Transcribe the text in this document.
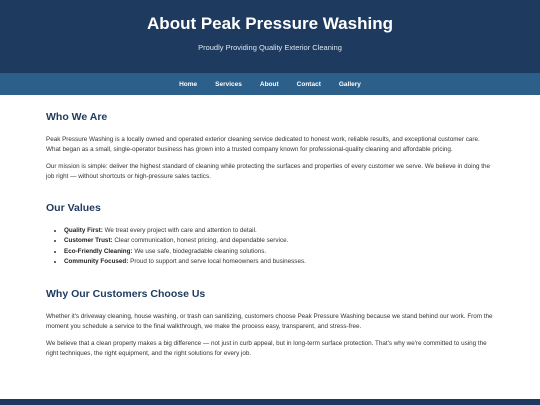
About Peak Pressure Washing

Proudly Providing Quality Exterior Cleaning

Home	Services	About	Contact	Gallery
Who We Are

Peak Pressure Washing is a locally owned and operated exterior cleaning service dedicated to honest work, reliable results, and exceptional customer care. What began as a small, single-operator business has grown into a trusted company known for professional-quality cleaning and affordable pricing.

Our mission is simple: deliver the highest standard of cleaning while protecting the surfaces and properties of every customer we serve. We believe in doing the job right — without shortcuts or high-pressure sales tactics.

Our Values
• Quality First: We treat every project with care and attention to detail.
• Customer Trust: Clear communication, honest pricing, and dependable service.
• Eco-Friendly Cleaning: We use safe, biodegradable cleaning solutions.
• Community Focused: Proud to support and serve local homeowners and businesses.
Why Our Customers Choose Us

Whether it's driveway cleaning, house washing, or trash can sanitizing, customers choose Peak Pressure Washing because we stand behind our work. From the moment you schedule a service to the final walkthrough, we make the process easy, transparent, and stress-free.

We believe that a clean property makes a big difference — not just in curb appeal, but in long-term surface protection. That's why we're committed to using the right techniques, the right equipment, and the right solutions for every job.
